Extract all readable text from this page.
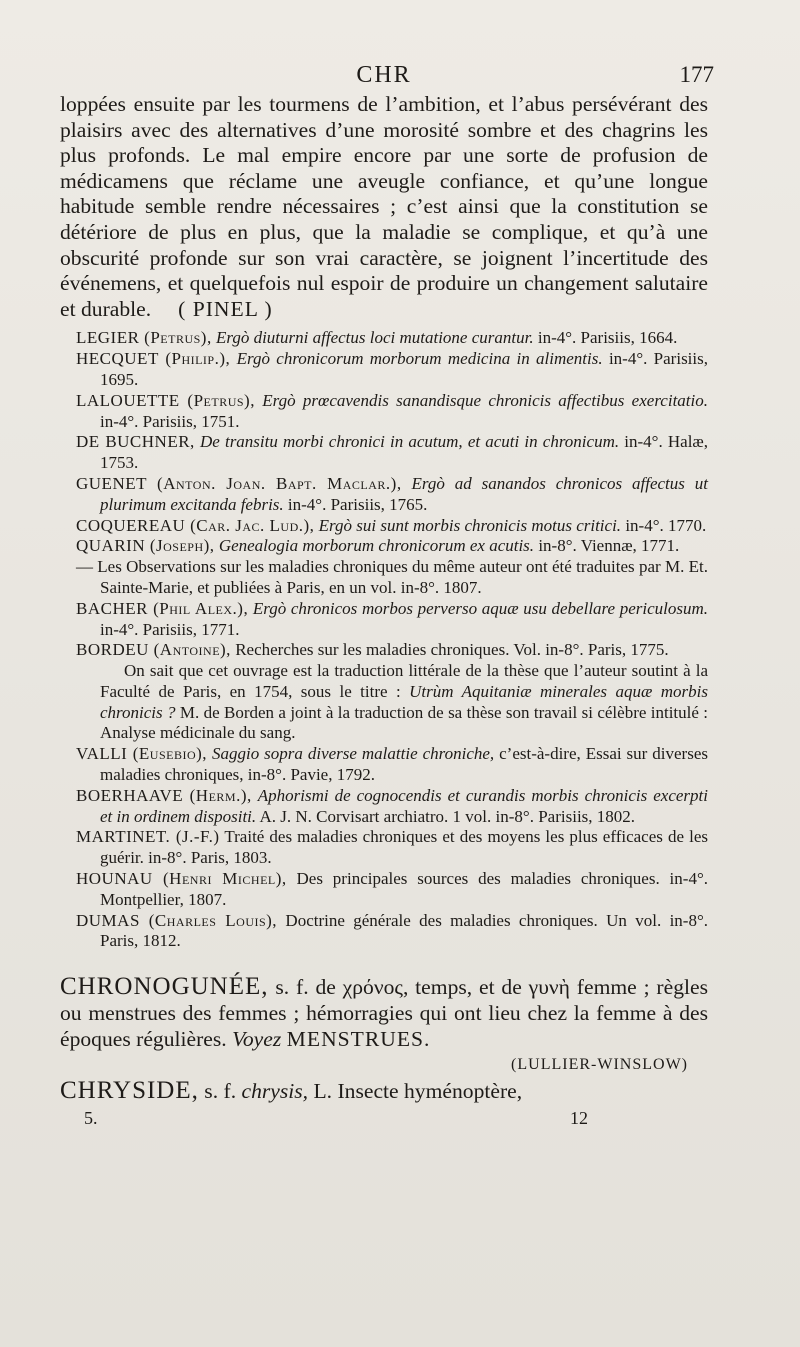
CHR	177

loppées ensuite par les tourmens de l’ambition, et l’abus persévérant des plaisirs avec des alternatives d’une morosité sombre et des chagrins les plus profonds. Le mal empire encore par une sorte de profusion de médicamens que réclame une aveugle confiance, et qu’une longue habitude semble rendre nécessaires ; c’est ainsi que la constitution se détériore de plus en plus, que la maladie se complique, et qu’à une obscurité profonde sur son vrai caractère, se joignent l’incertitude des événemens, et quelquefois nul espoir de produire un changement salutaire et durable. ( PINEL )

LEGIER (Petrus), Ergò diuturni affectus loci mutatione curantur. in-4°. Parisiis, 1664.

HECQUET (Philip.), Ergò chronicorum morborum medicina in alimentis. in-4°. Parisiis, 1695.

LALOUETTE (Petrus), Ergò prœcavendis sanandisque chronicis affectibus exercitatio. in-4°. Parisiis, 1751.

DE BUCHNER, De transitu morbi chronici in acutum, et acuti in chronicum. in-4°. Halæ, 1753.

GUENET (Anton. Joan. Bapt. Maclar.), Ergò ad sanandos chronicos affectus ut plurimum excitanda febris. in-4°. Parisiis, 1765.

COQUEREAU (Car. Jac. Lud.), Ergò sui sunt morbis chronicis motus critici. in-4°. 1770.

QUARIN (Joseph), Genealogia morborum chronicorum ex acutis. in-8°. Viennæ, 1771.

— Les Observations sur les maladies chroniques du même auteur ont été traduites par M. Et. Sainte-Marie, et publiées à Paris, en un vol. in-8°. 1807.

BACHER (Phil Alex.), Ergò chronicos morbos perverso aquæ usu debellare periculosum. in-4°. Parisiis, 1771.

BORDEU (Antoine), Recherches sur les maladies chroniques. Vol. in-8°. Paris, 1775.

On sait que cet ouvrage est la traduction littérale de la thèse que l’auteur soutint à la Faculté de Paris, en 1754, sous le titre : Utrùm Aquitaniæ minerales aquæ morbis chronicis ? M. de Borden a joint à la traduction de sa thèse son travail si célèbre intitulé : Analyse médicinale du sang.

VALLI (Eusebio), Saggio sopra diverse malattie chroniche, c’est-à-dire, Essai sur diverses maladies chroniques, in-8°. Pavie, 1792.

BOERHAAVE (Herm.), Aphorismi de cognocendis et curandis morbis chronicis excerpti et in ordinem dispositi. A. J. N. Corvisart archiatro. 1 vol. in-8°. Parisiis, 1802.

MARTINET. (J.-F.) Traité des maladies chroniques et des moyens les plus efficaces de les guérir. in-8°. Paris, 1803.

HOUNAU (Henri Michel), Des principales sources des maladies chroniques. in-4°. Montpellier, 1807.

DUMAS (Charles Louis), Doctrine générale des maladies chroniques. Un vol. in-8°. Paris, 1812.

CHRONOGUNÉE, s. f. de χρόνος, temps, et de γυνὴ femme ; règles ou menstrues des femmes ; hémorragies qui ont lieu chez la femme à des époques régulières. Voyez MENSTRUES.

(LULLIER-WINSLOW)

CHRYSIDE, s. f. chrysis, L. Insecte hyménoptère,

5.	12
